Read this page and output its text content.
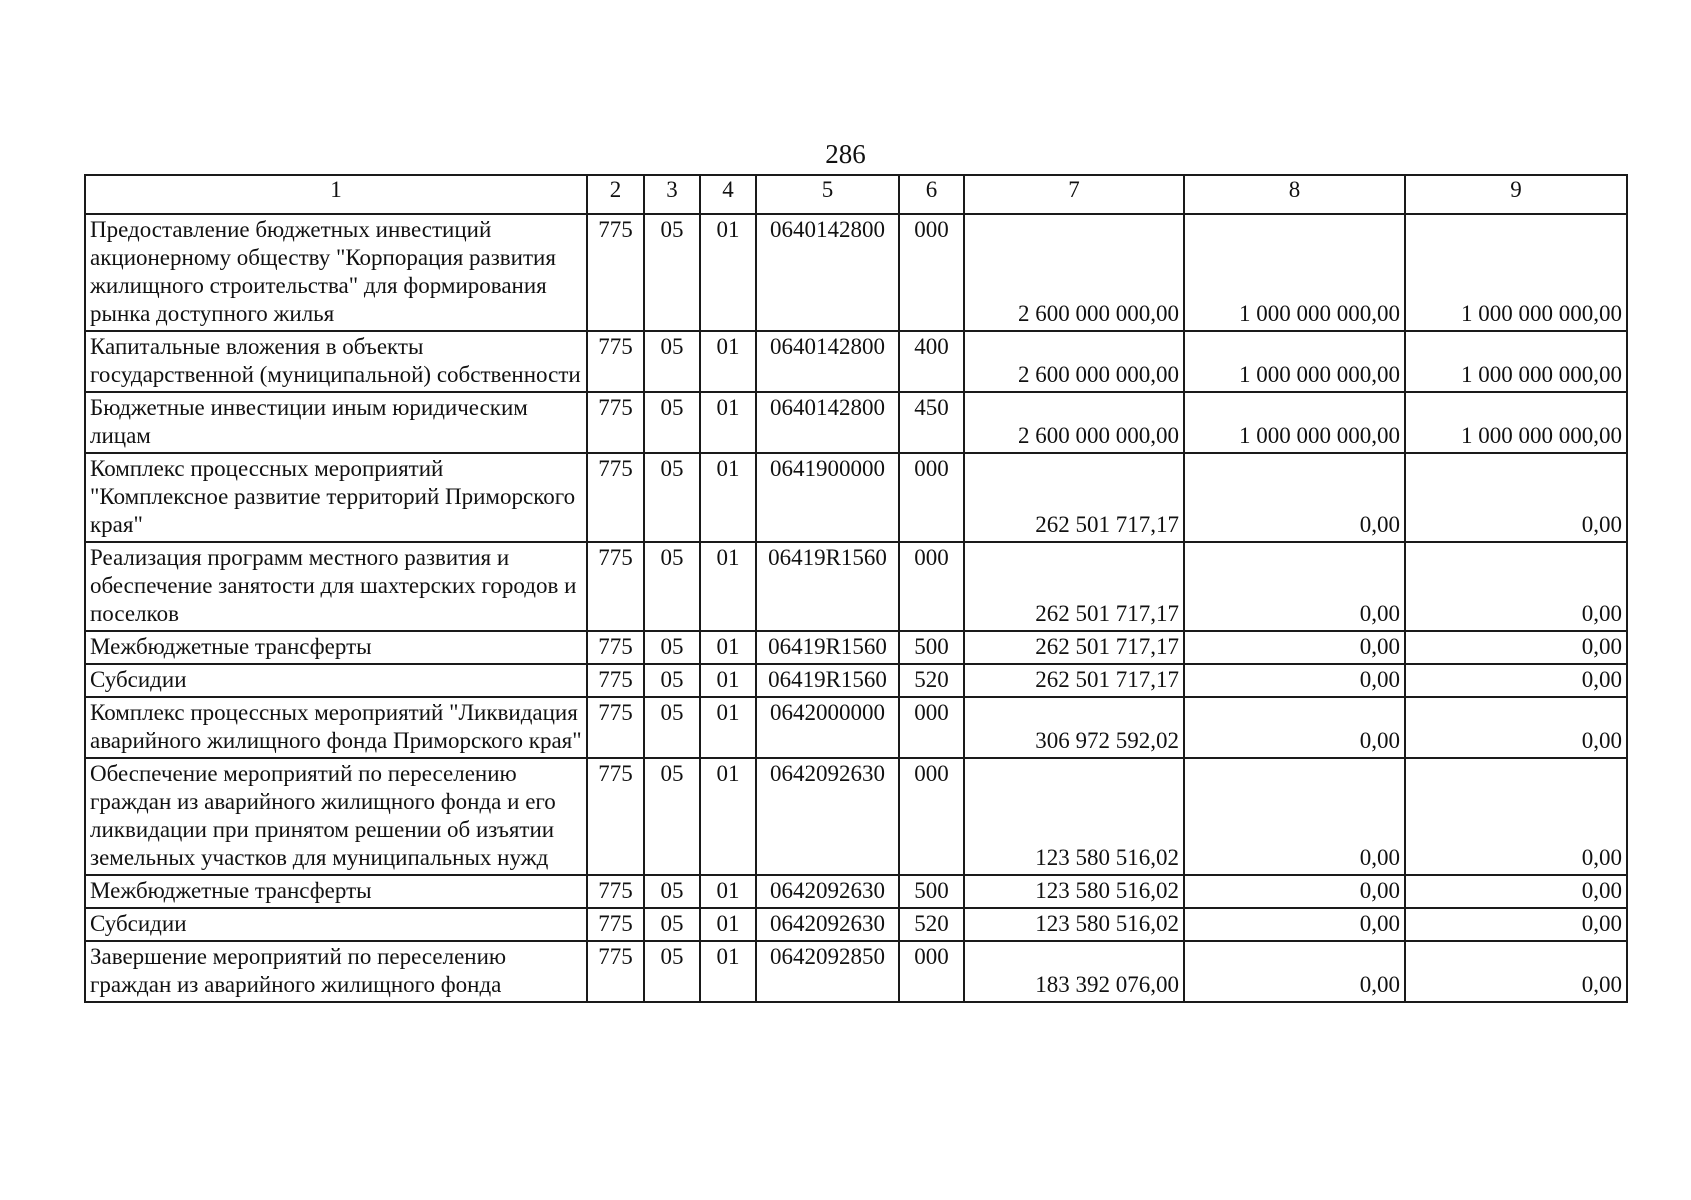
286
1	2	3	4	5	6	7	8	9
Предоставление бюджетных инвестиций акционерному обществу "Корпорация развития жилищного строительства" для формирования рынка доступного жилья	775	05	01	0640142800	000	2 600 000 000,00	1 000 000 000,00	1 000 000 000,00
Капитальные вложения в объекты государственной (муниципальной) собственности	775	05	01	0640142800	400	2 600 000 000,00	1 000 000 000,00	1 000 000 000,00
Бюджетные инвестиции иным юридическим лицам	775	05	01	0640142800	450	2 600 000 000,00	1 000 000 000,00	1 000 000 000,00
Комплекс процессных мероприятий "Комплексное развитие территорий Приморского края"	775	05	01	0641900000	000	262 501 717,17	0,00	0,00
Реализация программ местного развития и обеспечение занятости для шахтерских городов и поселков	775	05	01	06419R1560	000	262 501 717,17	0,00	0,00
Межбюджетные трансферты	775	05	01	06419R1560	500	262 501 717,17	0,00	0,00
Субсидии	775	05	01	06419R1560	520	262 501 717,17	0,00	0,00
Комплекс процессных мероприятий "Ликвидация аварийного жилищного фонда Приморского края"	775	05	01	0642000000	000	306 972 592,02	0,00	0,00
Обеспечение мероприятий по переселению граждан из аварийного жилищного фонда и его ликвидации при принятом решении об изъятии земельных участков для муниципальных нужд	775	05	01	0642092630	000	123 580 516,02	0,00	0,00
Межбюджетные трансферты	775	05	01	0642092630	500	123 580 516,02	0,00	0,00
Субсидии	775	05	01	0642092630	520	123 580 516,02	0,00	0,00
Завершение мероприятий по переселению граждан из аварийного жилищного фонда	775	05	01	0642092850	000	183 392 076,00	0,00	0,00
